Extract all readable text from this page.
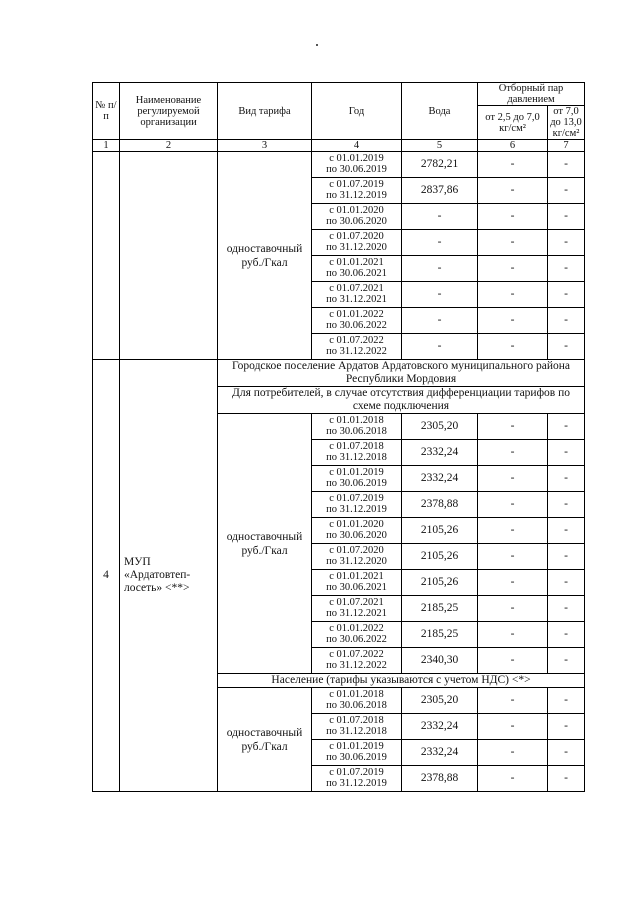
№ п/п	Наименование регулируемой организации	Вид тарифа	Год	Вода	Отборный пар давлением	
					от 2,5 до 7,0 кг/см²	от 7,0 до 13,0 кг/см²
1	2	3	4	5	6	7
		одноставочный руб./Гкал	с 01.01.2019
по 30.06.2019	2782,21	-	-

			с 01.07.2019
по 31.12.2019	2837,86	-	-

			с 01.01.2020
по 30.06.2020	-	-	-

			с 01.07.2020
по 31.12.2020	-	-	-

			с 01.01.2021
по 30.06.2021	-	-	-

			с 01.07.2021
по 31.12.2021	-	-	-

			с 01.01.2022
по 30.06.2022	-	-	-

			с 01.07.2022
по 31.12.2022	-	-	-
4	МУП «Ардатовтеп-лосеть» <**>	Городское поселение Ардатов Ардатовского муниципального района Республики Мордовия				
		Для потребителей, в случае отсутствия дифференциации тарифов по схеме подключения				
		одноставочный руб./Гкал	с 01.01.2018
по 30.06.2018	2305,20	-	-

			с 01.07.2018
по 31.12.2018	2332,24	-	-

			с 01.01.2019
по 30.06.2019	2332,24	-	-

			с 01.07.2019
по 31.12.2019	2378,88	-	-

			с 01.01.2020
по 30.06.2020	2105,26	-	-

			с 01.07.2020
по 31.12.2020	2105,26	-	-

			с 01.01.2021
по 30.06.2021	2105,26	-	-

			с 01.07.2021
по 31.12.2021	2185,25	-	-

			с 01.01.2022
по 30.06.2022	2185,25	-	-

			с 01.07.2022
по 31.12.2022	2340,30	-	-
		Население (тарифы указываются с учетом НДС) <*>				
		одноставочный руб./Гкал	с 01.01.2018
по 30.06.2018	2305,20	-	-

			с 01.07.2018
по 31.12.2018	2332,24	-	-

			с 01.01.2019
по 30.06.2019	2332,24	-	-

			с 01.07.2019
по 31.12.2019	2378,88	-	-
